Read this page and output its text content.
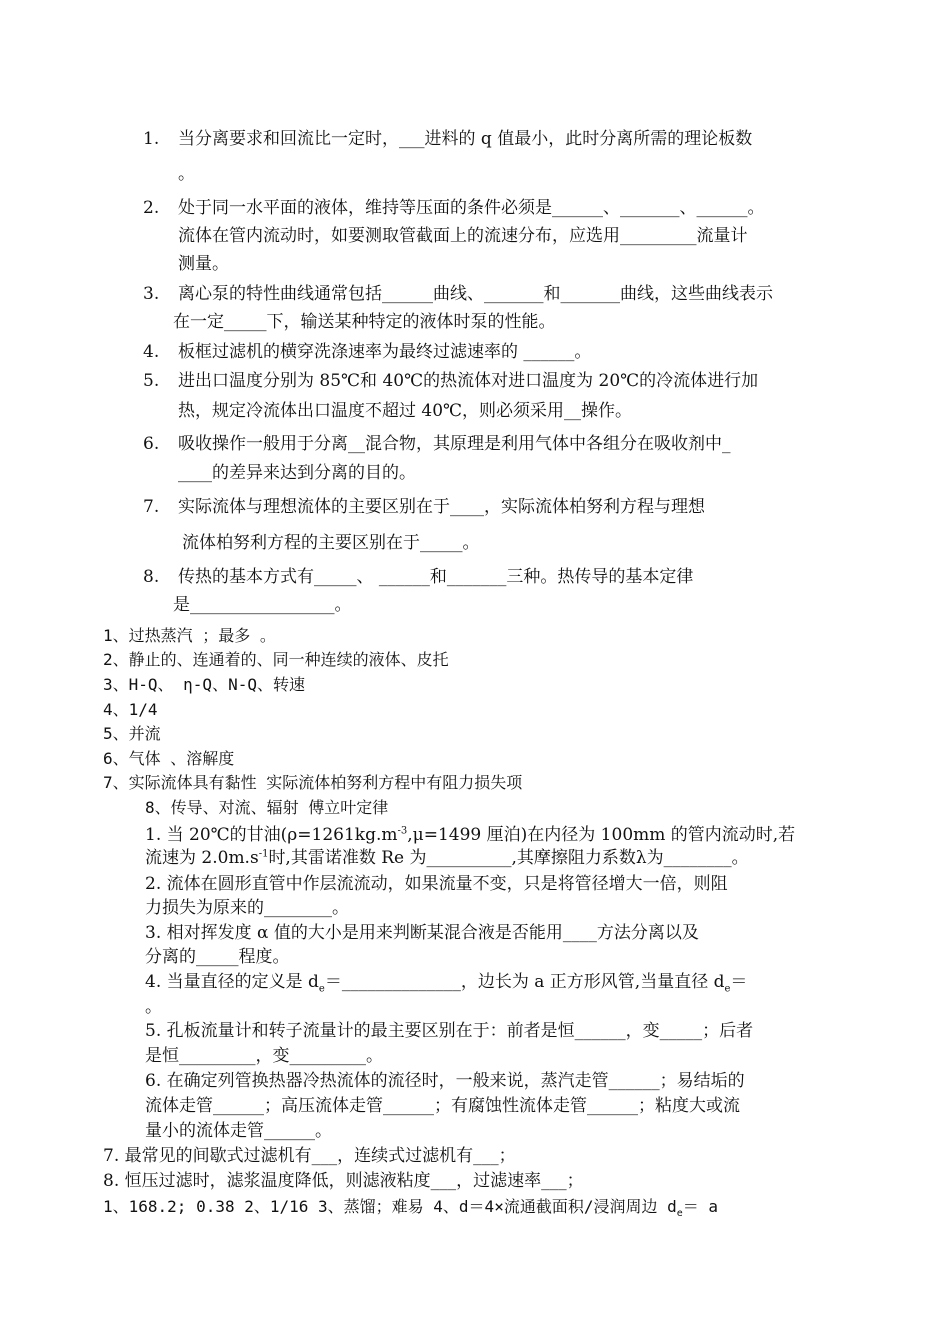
1. 当分离要求和回流比一定时，___进料的 q 值最小，此时分离所需的理论板数
。
2. 处于同一水平面的液体，维持等压面的条件必须是______、_______、______。
流体在管内流动时，如要测取管截面上的流速分布，应选用_________流量计
测量。
3. 离心泵的特性曲线通常包括______曲线、_______和_______曲线，这些曲线表示
在一定_____下，输送某种特定的液体时泵的性能。
4. 板框过滤机的横穿洗涤速率为最终过滤速率的 ______。
5. 进出口温度分别为 85℃和 40℃的热流体对进口温度为 20℃的冷流体进行加
热，规定冷流体出口温度不超过 40℃，则必须采用__操作。
6. 吸收操作一般用于分离__混合物，其原理是利用气体中各组分在吸收剂中_
____的差异来达到分离的目的。
7. 实际流体与理想流体的主要区别在于____，实际流体柏努利方程与理想
流体柏努利方程的主要区别在于_____。
8. 传热的基本方式有_____、 ______和_______三种。热传导的基本定律
是_________________。
1、过热蒸汽 ；最多 。
2、静止的、连通着的、同一种连续的液体、皮托
3、H-Q、 η-Q、N-Q、转速
4、1/4
5、并流
6、气体 、溶解度
7、实际流体具有黏性 实际流体柏努利方程中有阻力损失项
8、传导、对流、辐射 傅立叶定律
1. 当 20℃的甘油($\rho=1261kg.m^{-3},\mu=1499$ 厘泊)在内径为 100mm 的管内流动时,若
流速为 $2.0m.s^{-1}$时,其雷诺准数 Re 为__________,其摩擦阻力系数λ为________。
2. 流体在圆形直管中作层流流动，如果流量不变，只是将管径增大一倍，则阻
力损失为原来的________。
3. 相对挥发度 α 值的大小是用来判断某混合液是否能用____方法分离以及
分离的_____程度。
4. 当量直径的定义是 $d_e=\_\_\_\_\_\_\_\_\_\_\_\_\_\_$，边长为 a 正方形风管,当量直径 $d_e=$
。
5. 孔板流量计和转子流量计的最主要区别在于：前者是恒______，变_____；后者
是恒_________，变_________。
6. 在确定列管换热器冷热流体的流径时，一般来说，蒸汽走管______；易结垢的
流体走管______；高压流体走管______；有腐蚀性流体走管______；粘度大或流
量小的流体走管______。
7. 最常见的间歇式过滤机有___，连续式过滤机有___；
8. 恒压过滤时，滤浆温度降低，则滤液粘度___，过滤速率___；
1、168.2; 0.38 2、1/16 3、蒸馏；难易 4、d＝4×流通截面积/浸润周边 $d_e= a$
